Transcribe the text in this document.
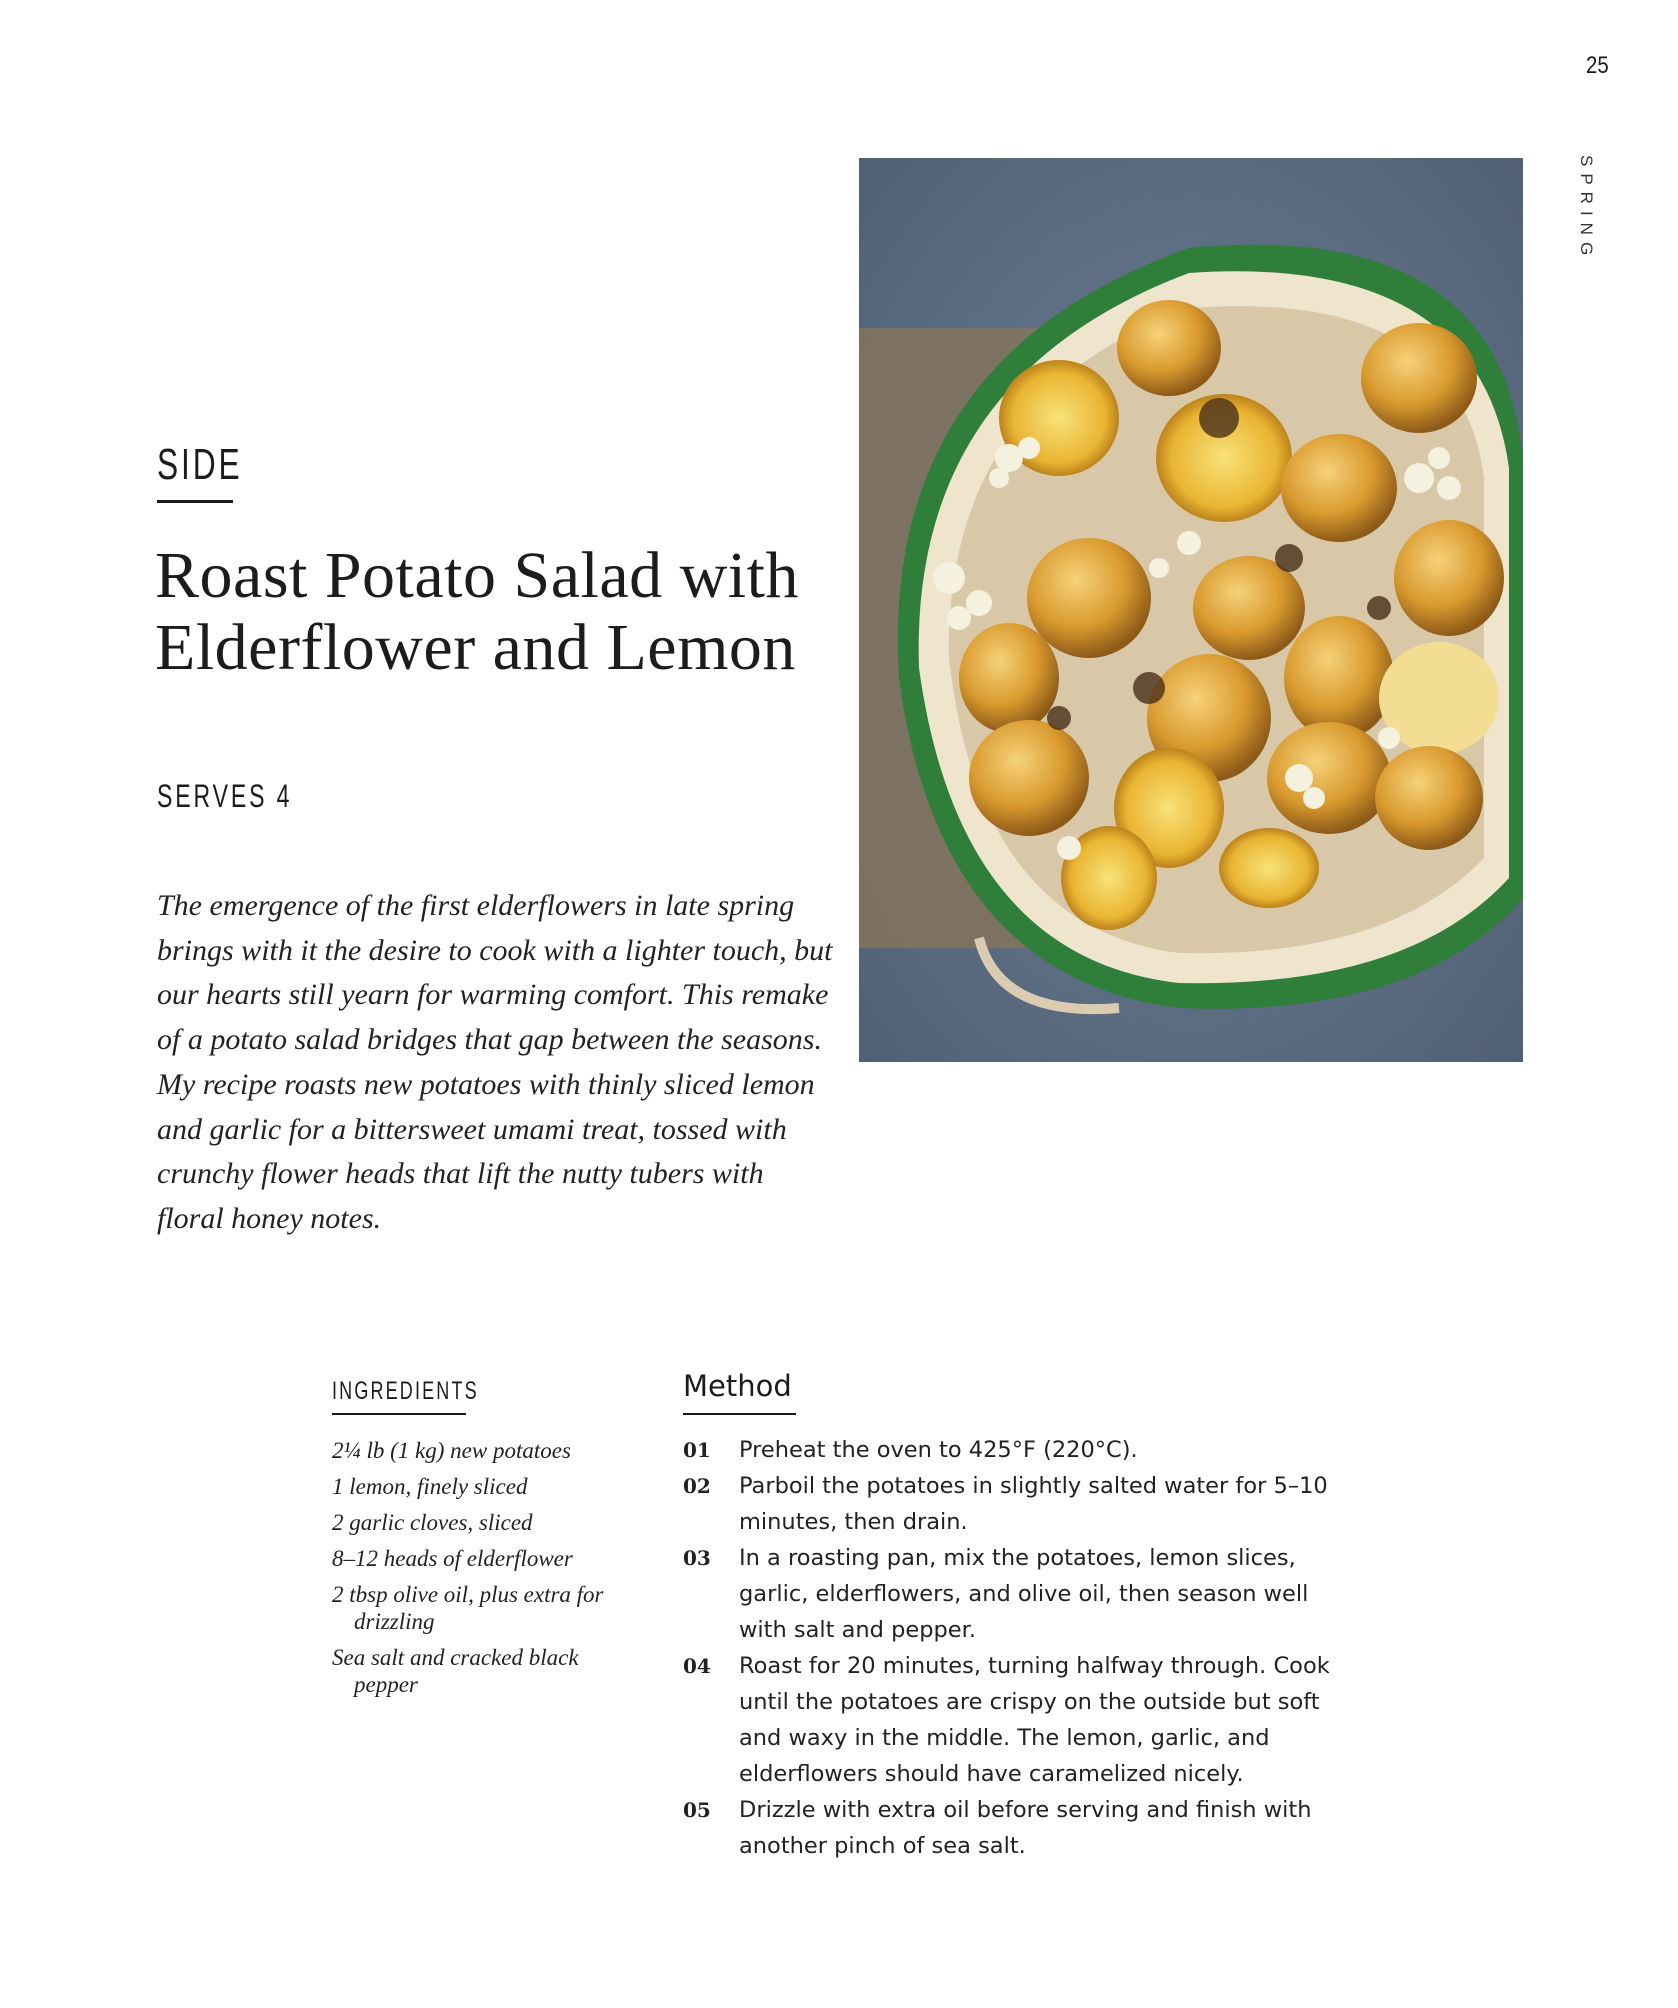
25
SPRING
SIDE
Roast Potato Salad with Elderflower and Lemon
SERVES 4

The emergence of the first elderflowers in late spring brings with it the desire to cook with a lighter touch, but our hearts still yearn for warming comfort. This remake of a potato salad bridges that gap between the seasons. My recipe roasts new potatoes with thinly sliced lemon and garlic for a bittersweet umami treat, tossed with crunchy flower heads that lift the nutty tubers with floral honey notes.

INGREDIENTS
2¼ lb (1 kg) new potatoes
1 lemon, finely sliced
2 garlic cloves, sliced
8–12 heads of elderflower
2 tbsp olive oil, plus extra for drizzling
Sea salt and cracked black pepper
Method
01	Preheat the oven to 425°F (220°C).
02	Parboil the potatoes in slightly salted water for 5–10 minutes, then drain.
03	In a roasting pan, mix the potatoes, lemon slices, garlic, elderflowers, and olive oil, then season well with salt and pepper.
04	Roast for 20 minutes, turning halfway through. Cook until the potatoes are crispy on the outside but soft and waxy in the middle. The lemon, garlic, and elderflowers should have caramelized nicely.
05	Drizzle with extra oil before serving and finish with another pinch of sea salt.
